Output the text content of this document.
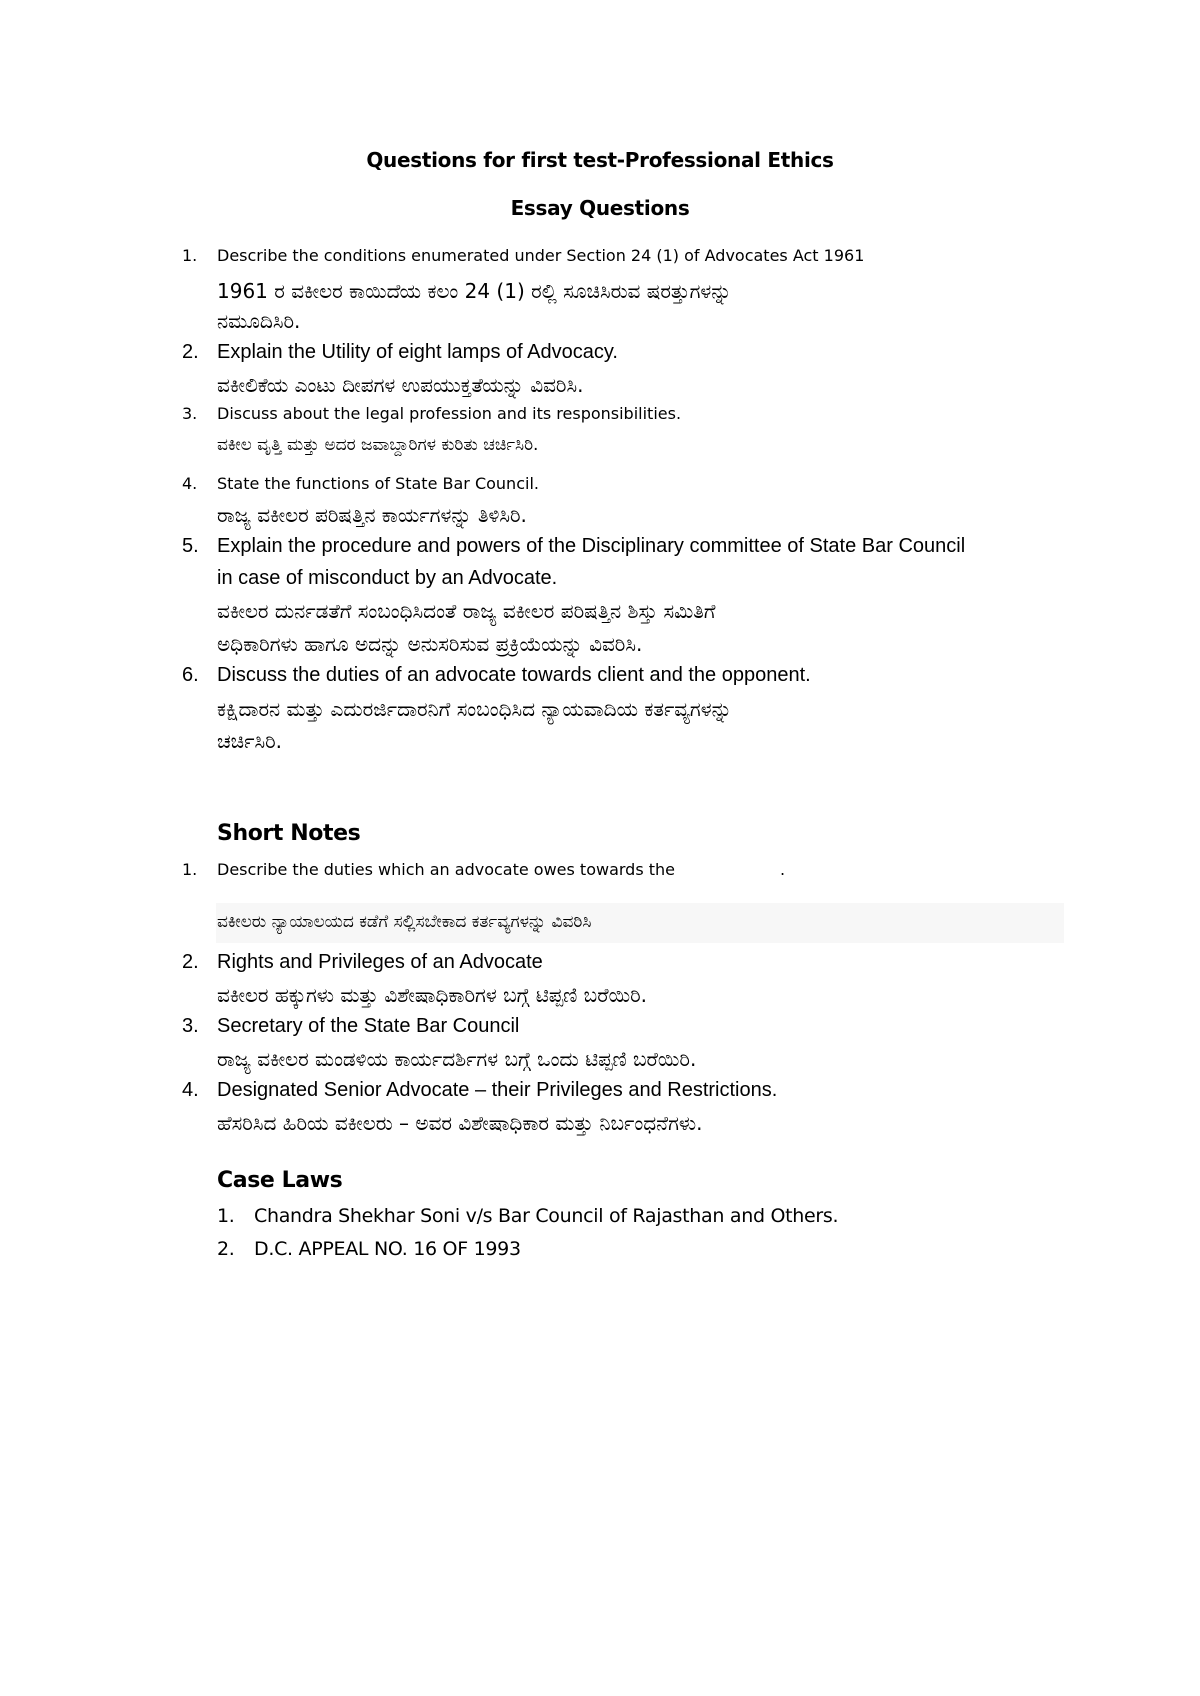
Questions for first test-Professional Ethics
Essay Questions
1. Describe the conditions enumerated under Section 24 (1) of Advocates Act 1961
1961 ರ ವಕೀಲರ ಕಾಯಿದೆಯ ಕಲಂ 24 (1) ರಲ್ಲಿ ಸೂಚಿಸಿರುವ ಷರತ್ತುಗಳನ್ನು
ನಮೂದಿಸಿರಿ.
2. Explain the Utility of eight lamps of Advocacy.
ವಕೀಲಿಕೆಯ ಎಂಟು ದೀಪಗಳ ಉಪಯುಕ್ತತೆಯನ್ನು ವಿವರಿಸಿ.
3. Discuss about the legal profession and its responsibilities.
ವಕೀಲ ವೃತ್ತಿ ಮತ್ತು ಅದರ ಜವಾಬ್ದಾರಿಗಳ ಕುರಿತು ಚರ್ಚಿಸಿರಿ.
4. State the functions of State Bar Council.
ರಾಜ್ಯ ವಕೀಲರ ಪರಿಷತ್ತಿನ ಕಾರ್ಯಗಳನ್ನು ತಿಳಿಸಿರಿ.
5. Explain the procedure and powers of the Disciplinary committee of State Bar Council
in case of misconduct by an Advocate.
ವಕೀಲರ ದುರ್ನಡತೆಗೆ ಸಂಬಂಧಿಸಿದಂತೆ ರಾಜ್ಯ ವಕೀಲರ ಪರಿಷತ್ತಿನ ಶಿಸ್ತು ಸಮಿತಿಗೆ
ಅಧಿಕಾರಿಗಳು ಹಾಗೂ ಅದನ್ನು ಅನುಸರಿಸುವ ಪ್ರಕ್ರಿಯೆಯನ್ನು ವಿವರಿಸಿ.
6. Discuss the duties of an advocate towards client and the opponent.
ಕಕ್ಷಿದಾರನ ಮತ್ತು ಎದುರರ್ಜಿದಾರನಿಗೆ ಸಂಬಂಧಿಸಿದ ನ್ಯಾಯವಾದಿಯ ಕರ್ತವ್ಯಗಳನ್ನು
ಚರ್ಚಿಸಿರಿ.
Short Notes
1. Describe the duties which an advocate owes towards the	.
ವಕೀಲರು ನ್ಯಾಯಾಲಯದ ಕಡೆಗೆ ಸಲ್ಲಿಸಬೇಕಾದ ಕರ್ತವ್ಯಗಳನ್ನು ವಿವರಿಸಿ
2. Rights and Privileges of an Advocate
ವಕೀಲರ ಹಕ್ಕುಗಳು ಮತ್ತು ವಿಶೇಷಾಧಿಕಾರಿಗಳ ಬಗ್ಗೆ ಟಿಪ್ಪಣಿ ಬರೆಯಿರಿ.
3. Secretary of the State Bar Council
ರಾಜ್ಯ ವಕೀಲರ ಮಂಡಳಿಯ ಕಾರ್ಯದರ್ಶಿಗಳ ಬಗ್ಗೆ ಒಂದು ಟಿಪ್ಪಣಿ ಬರೆಯಿರಿ.
4. Designated Senior Advocate – their Privileges and Restrictions.
ಹೆಸರಿಸಿದ ಹಿರಿಯ ವಕೀಲರು – ಅವರ ವಿಶೇಷಾಧಿಕಾರ ಮತ್ತು ನಿರ್ಬಂಧನೆಗಳು.
Case Laws
1. Chandra Shekhar Soni v/s Bar Council of Rajasthan and Others.
2. D.C. APPEAL NO. 16 OF 1993
